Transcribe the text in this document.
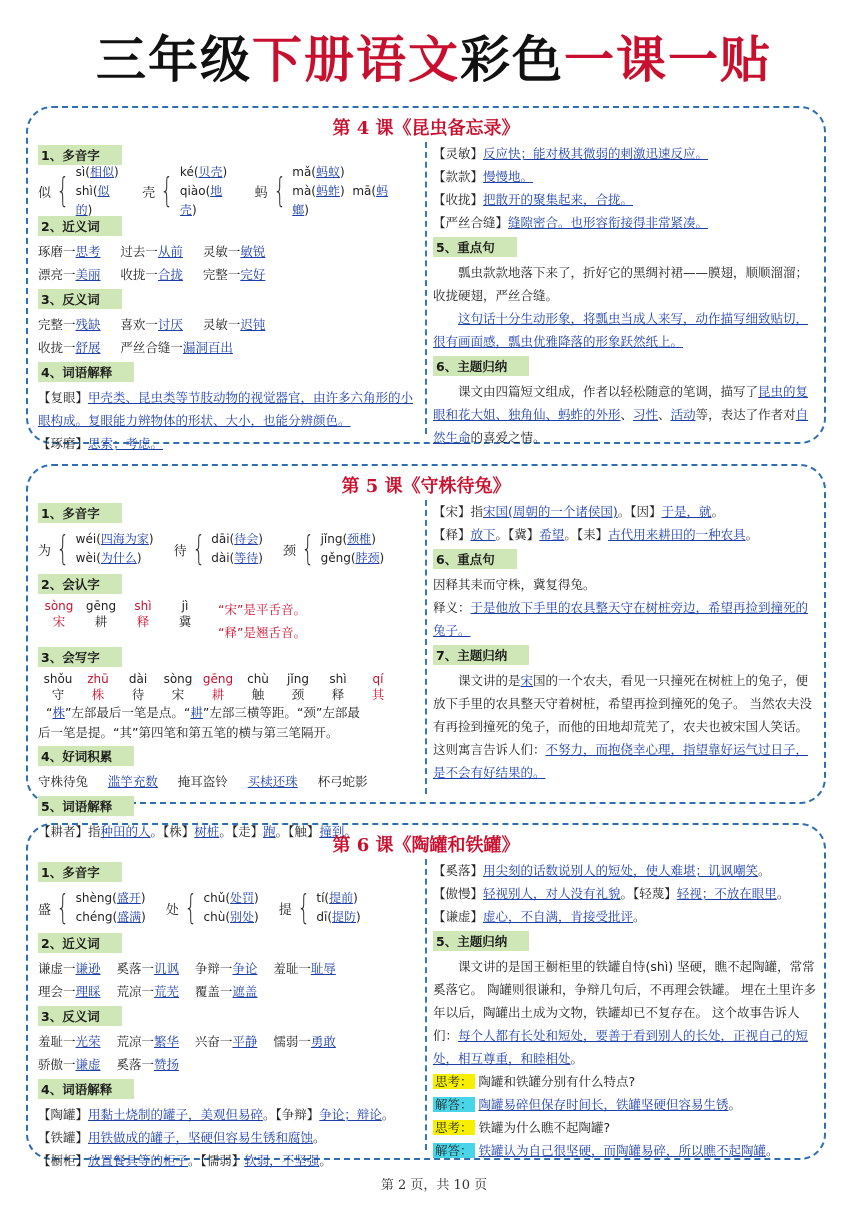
三年级下册语文彩色一课一贴
第 4 课《昆虫备忘录》
1、多音字
似 { sì(相似)
shì(似的)
壳 { ké(贝壳)
qiào(地壳)
蚂 { mǎ(蚂蚁)
mà(蚂蚱)  mā(蚂螂)
2、近义词
琢磨一思考 过去一从前 灵敏一敏锐
漂亮一美丽 收拢一合拢 完整一完好
3、反义词
完整一残缺 喜欢一讨厌 灵敏一迟钝
收拢一舒展 严丝合缝一漏洞百出
4、词语解释
【复眼】甲壳类、昆虫类等节肢动物的视觉器官，由许多六角形的小眼构成。复眼能力辨物体的形状、大小，也能分辨颜色。
【琢磨】思索；考虑。
【灵敏】反应快；能对极其微弱的刺激迅速反应。
【款款】慢慢地。
【收拢】把散开的聚集起来，合拢。
【严丝合缝】缝隙密合。也形容衔接得非常紧凑。
5、重点句
瓢虫款款地落下来了，折好它的黑绸衬裙——膜翅，顺顺溜溜；收拢硬翅，严丝合缝。
这句话十分生动形象，将瓢虫当成人来写，动作描写细致贴切，很有画面感，瓢虫优雅降落的形象跃然纸上。
6、主题归纳
课文由四篇短文组成，作者以轻松随意的笔调，描写了昆虫的复眼和花大姐、独角仙、蚂蚱的外形、习性、活动等，表达了作者对自然生命的喜爱之情。
第 5 课《守株待兔》
1、多音字
为 { wéi(四海为家)
wèi(为什么)	待 { dāi(待会)
dài(等待) 颈 { jǐng(颈椎)
gěng(脖颈)
2、会认字
sòng	gēng	shì	jì
宋	耕	释	冀
“宋”是平舌音。
“释”是翘舌音。
3、会写字
shǒu	zhū	dài	sòng gēng	chù	jǐng	shì	qí
守	株	待	宋	耕	触	颈	释	其
“株”左部最后一笔是点。“耕”左部三横等距。“颈”左部最
后一笔是提。“其”第四笔和第五笔的横与第三笔隔开。
4、好词积累
守株待兔 滥竽充数 掩耳盗铃 买椟还珠 杯弓蛇影
5、词语解释
【耕者】指种田的人。【株】树桩。【走】跑。【触】撞到。
【宋】指宋国(周朝的一个诸侯国)。【因】于是，就。
【释】放下。【冀】希望。【耒】古代用来耕田的一种农具。
6、重点句
因释其耒而守株，冀复得兔。
释义：于是他放下手里的农具整天守在树桩旁边，希望再捡到撞死的兔子。
7、主题归纳
课文讲的是宋国的一个农夫，看见一只撞死在树桩上的兔子，便放下手里的农具整天守着树桩，希望再捡到撞死的兔子。 当然农夫没有再捡到撞死的兔子，而他的田地却荒芜了，农夫也被宋国人笑话。 这则寓言告诉人们：不努力，而抱侥幸心理，指望靠好运气过日子，是不会有好结果的。
第 6 课《陶罐和铁罐》
1、多音字
盛 { shèng(盛开)
chéng(盛满) 处 { chǔ(处罚)
chù(别处) 提 { tí(提前)
dī(提防)
2、近义词
谦虚一谦逊 奚落一讥讽 争辩一争论 羞耻一耻辱
理会一理睬 荒凉一荒芜 覆盖一遮盖
3、反义词
羞耻一光荣 荒凉一繁华 兴奋一平静 懦弱一勇敢
骄傲一谦虚 奚落一赞扬
4、词语解释
【陶罐】用黏土烧制的罐子，美观但易碎。【争辩】争论；辩论。
【铁罐】用铁做成的罐子，坚硬但容易生锈和腐蚀。
【橱柜】放置餐具等的柜子。【懦弱】软弱，不坚强。
【奚落】用尖刻的话数说别人的短处，使人难堪；讥讽嘲笑。
【傲慢】轻视别人，对人没有礼貌。【轻蔑】轻视；不放在眼里。
【谦虚】虚心，不自满，肯接受批评。
5、主题归纳
课文讲的是国王橱柜里的铁罐自恃(shì) 坚硬，瞧不起陶罐，常常奚落它。 陶罐则很谦和，争辩几句后，不再理会铁罐。 埋在土里许多年以后，陶罐出土成为文物，铁罐却已不复存在。 这个故事告诉人们：每个人都有长处和短处，要善于看到别人的长处，正视自己的短处，相互尊重，和睦相处。
思考： 陶罐和铁罐分别有什么特点?
解答： 陶罐易碎但保存时间长，铁罐坚硬但容易生锈。
思考： 铁罐为什么瞧不起陶罐?
解答： 铁罐认为自己很坚硬，而陶罐易碎，所以瞧不起陶罐。
第 2 页，共 10 页
